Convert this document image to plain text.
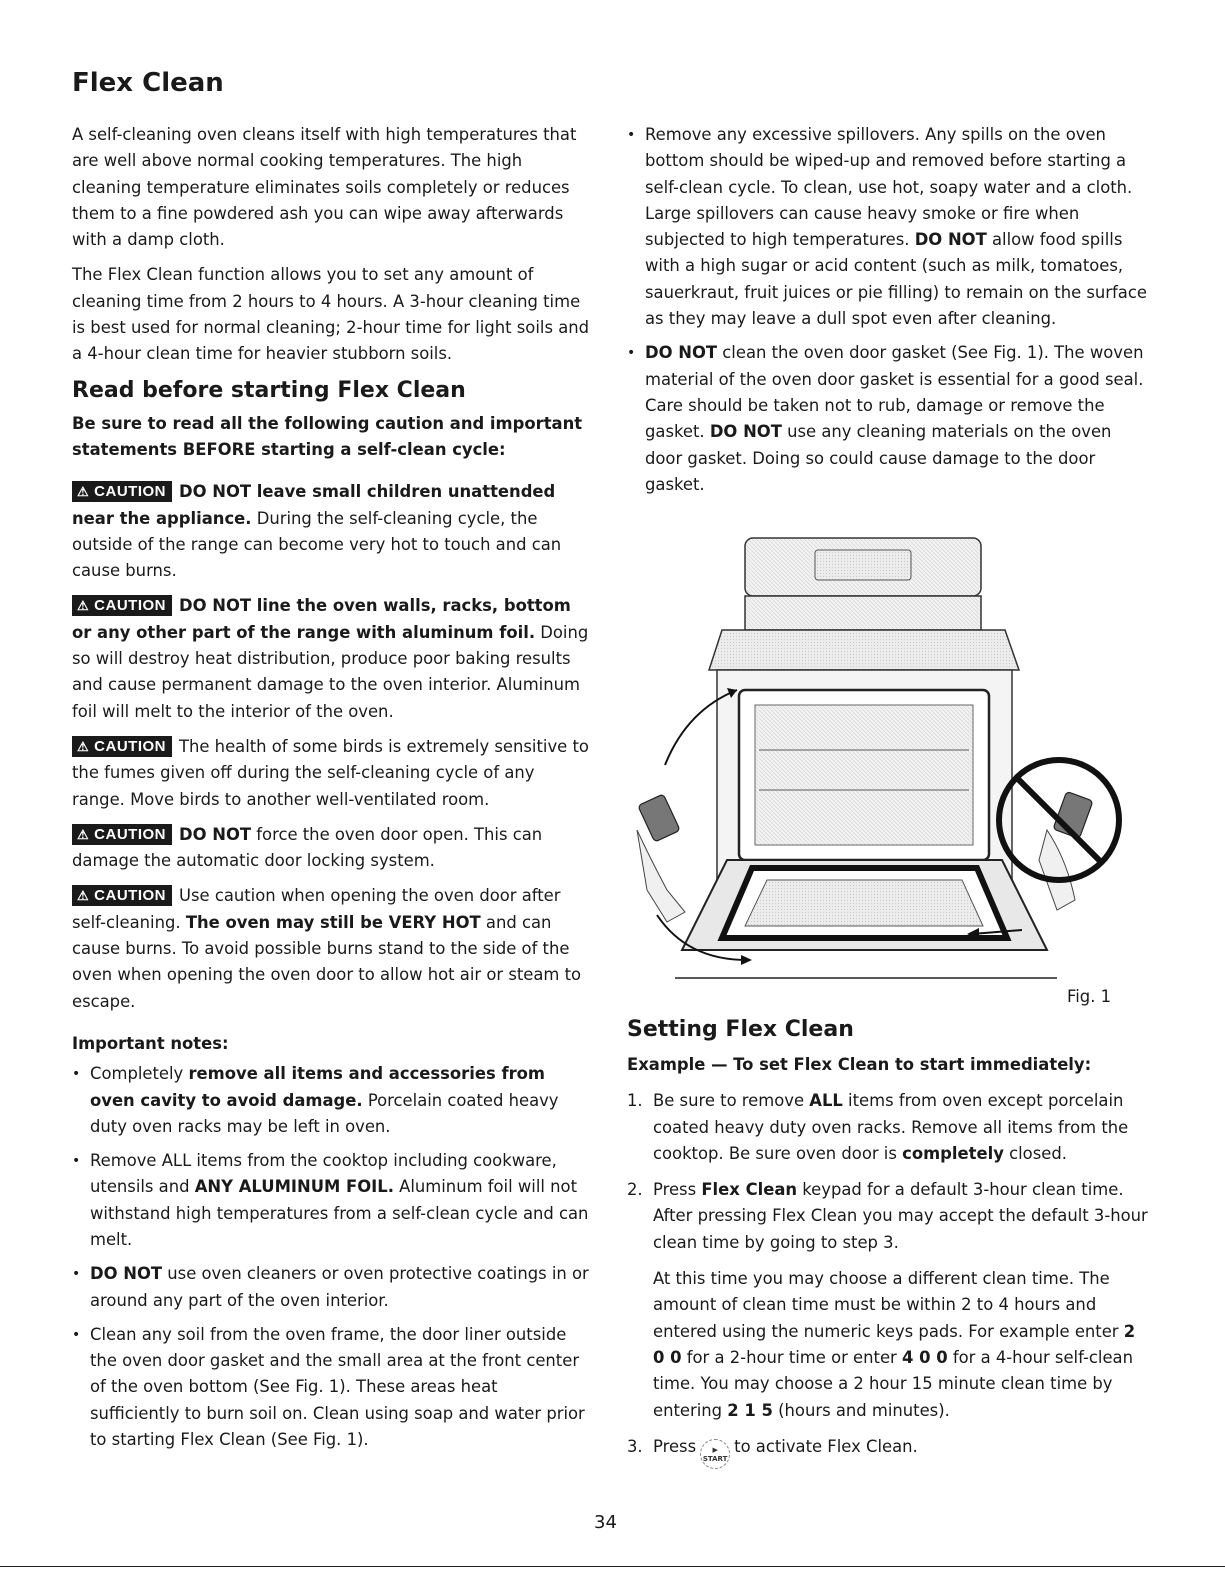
Flex Clean

A self-cleaning oven cleans itself with high temperatures that are well above normal cooking temperatures. The high cleaning temperature eliminates soils completely or reduces them to a fine powdered ash you can wipe away afterwards with a damp cloth.

The Flex Clean function allows you to set any amount of cleaning time from 2 hours to 4 hours. A 3-hour cleaning time is best used for normal cleaning; 2-hour time for light soils and a 4-hour clean time for heavier stubborn soils.

Read before starting Flex Clean

Be sure to read all the following caution and important statements BEFORE starting a self-clean cycle:

⚠ CAUTION DO NOT leave small children unattended near the appliance. During the self-cleaning cycle, the outside of the range can become very hot to touch and can cause burns.

⚠ CAUTION DO NOT line the oven walls, racks, bottom or any other part of the range with aluminum foil. Doing so will destroy heat distribution, produce poor baking results and cause permanent damage to the oven interior. Aluminum foil will melt to the interior of the oven.

⚠ CAUTION The health of some birds is extremely sensitive to the fumes given off during the self-cleaning cycle of any range. Move birds to another well-ventilated room.

⚠ CAUTION DO NOT force the oven door open. This can damage the automatic door locking system.

⚠ CAUTION Use caution when opening the oven door after self-cleaning. The oven may still be VERY HOT and can cause burns. To avoid possible burns stand to the side of the oven when opening the oven door to allow hot air or steam to escape.

Important notes:
• Completely remove all items and accessories from oven cavity to avoid damage. Porcelain coated heavy duty oven racks may be left in oven.
• Remove ALL items from the cooktop including cookware, utensils and ANY ALUMINUM FOIL. Aluminum foil will not withstand high temperatures from a self-clean cycle and can melt.
• DO NOT use oven cleaners or oven protective coatings in or around any part of the oven interior.
• Clean any soil from the oven frame, the door liner outside the oven door gasket and the small area at the front center of the oven bottom (See Fig. 1). These areas heat sufficiently to burn soil on. Clean using soap and water prior to starting Flex Clean (See Fig. 1).
• Remove any excessive spillovers. Any spills on the oven bottom should be wiped-up and removed before starting a self-clean cycle. To clean, use hot, soapy water and a cloth. Large spillovers can cause heavy smoke or fire when subjected to high temperatures. DO NOT allow food spills with a high sugar or acid content (such as milk, tomatoes, sauerkraut, fruit juices or pie filling) to remain on the surface as they may leave a dull spot even after cleaning.
• DO NOT clean the oven door gasket (See Fig. 1). The woven material of the oven door gasket is essential for a good seal. Care should be taken not to rub, damage or remove the gasket. DO NOT use any cleaning materials on the oven door gasket. Doing so could cause damage to the door gasket.
Fig. 1
Setting Flex Clean

Example — To set Flex Clean to start immediately:

1. Be sure to remove ALL items from oven except porcelain coated heavy duty oven racks. Remove all items from the cooktop. Be sure oven door is completely closed.
2. Press Flex Clean keypad for a default 3-hour clean time. After pressing Flex Clean you may accept the default 3-hour clean time by going to step 3.
At this time you may choose a different clean time. The amount of clean time must be within 2 to 4 hours and entered using the numeric keys pads. For example enter 2 0 0 for a 2-hour time or enter 4 0 0 for a 4-hour self-clean time. You may choose a 2 hour 15 minute clean time by entering 2 1 5 (hours and minutes).
3. Press ▶
STARTto activate Flex Clean.
34
